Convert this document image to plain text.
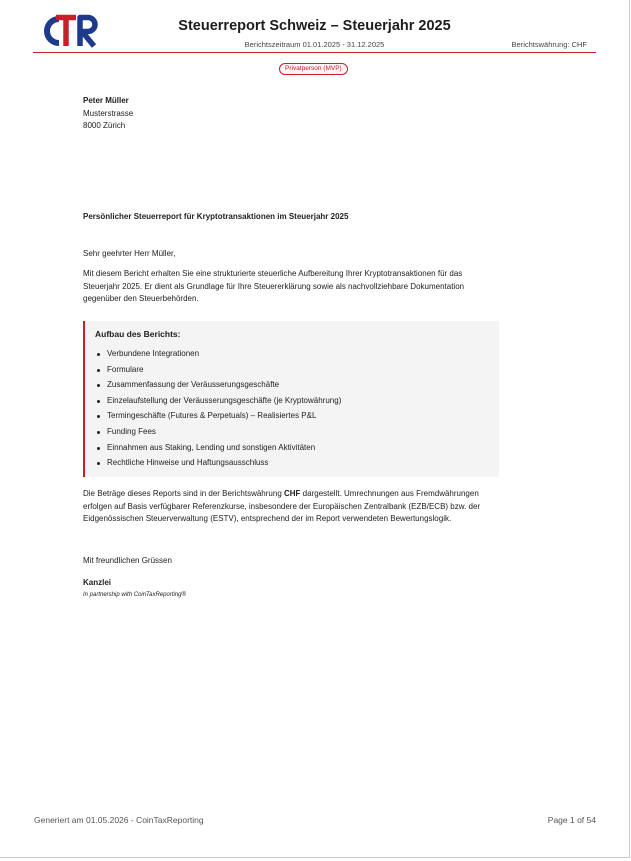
Steuerreport Schweiz – Steuerjahr 2025
Berichtszeitraum 01.01.2025 - 31.12.2025	Berichtswährung: CHF
Privatperson (MVP)
Peter Müller
Musterstrasse
8000 Zürich
Persönlicher Steuerreport für Kryptotransaktionen im Steuerjahr 2025
Sehr geehrter Herr Müller,
Mit diesem Bericht erhalten Sie eine strukturierte steuerliche Aufbereitung Ihrer Kryptotransaktionen für das Steuerjahr 2025. Er dient als Grundlage für Ihre Steuererklärung sowie als nachvollziehbare Dokumentation gegenüber den Steuerbehörden.
Aufbau des Berichts:
Verbundene Integrationen
Formulare
Zusammenfassung der Veräusserungsgeschäfte
Einzelaufstellung der Veräusserungsgeschäfte (je Kryptowährung)
Termingeschäfte (Futures & Perpetuals) – Realisiertes P&L
Funding Fees
Einnahmen aus Staking, Lending und sonstigen Aktivitäten
Rechtliche Hinweise und Haftungsausschluss
Die Beträge dieses Reports sind in der Berichtswährung CHF dargestellt. Umrechnungen aus Fremdwährungen erfolgen auf Basis verfügbarer Referenzkurse, insbesondere der Europäischen Zentralbank (EZB/ECB) bzw. der Eidgenössischen Steuerverwaltung (ESTV), entsprechend der im Report verwendeten Bewertungslogik.
Mit freundlichen Grüssen
Kanzlei
In partnership with CoinTaxReporting®
Generiert am 01.05.2026 - CoinTaxReporting	Page 1 of 54
